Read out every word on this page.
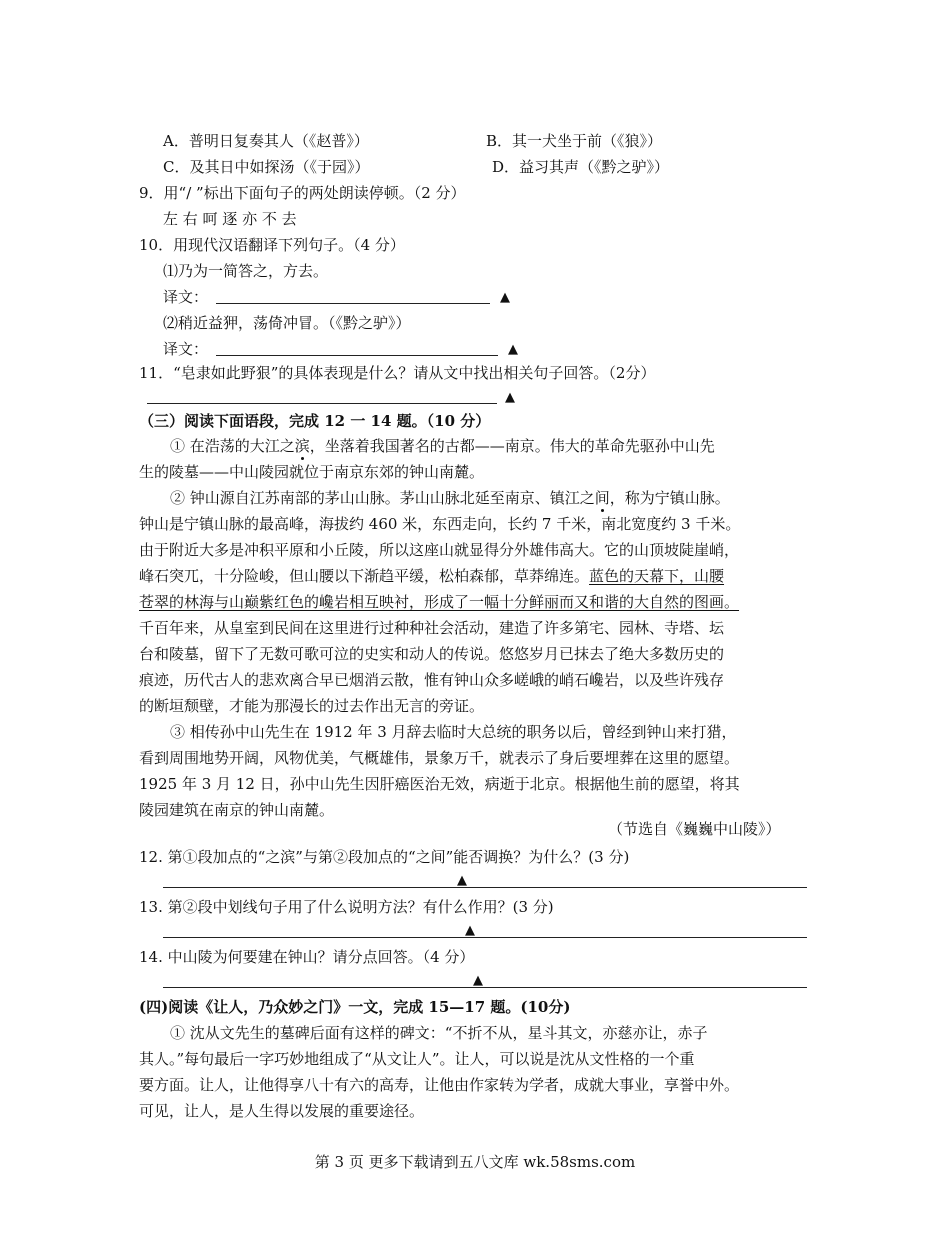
A．普明日复奏其人（《赵普》）	B．其一犬坐于前（《狼》）
C．及其日中如探汤（《于园》）	D．益习其声（《黔之驴》）
9．用“/ ”标出下面句子的两处朗读停顿。（2 分）
左 右 呵 逐 亦 不 去
10．用现代汉语翻译下列句子。（4 分）
⑴乃为一简答之，方去。
译文：	▲
⑵稍近益狎，荡倚冲冒。（《黔之驴》）
译文：	▲
11．“皂隶如此野狠”的具体表现是什么？请从文中找出相关句子回答。（2分）
▲
（三）阅读下面语段，完成 12 一 14 题。（10 分）
① 在浩荡的大江之滨，坐落着我国著名的古都——南京。伟大的革命先驱孙中山先
生的陵墓——中山陵园就位于南京东郊的钟山南麓。
② 钟山源自江苏南部的茅山山脉。茅山山脉北延至南京、镇江之间，称为宁镇山脉。
钟山是宁镇山脉的最高峰，海拔约 460 米，东西走向，长约 7 千米，南北宽度约 3 千米。
由于附近大多是冲积平原和小丘陵，所以这座山就显得分外雄伟高大。它的山顶坡陡崖峭，
峰石突兀，十分险峻，但山腰以下渐趋平缓，松柏森郁，草莽绵连。蓝色的天幕下，山腰
苍翠的林海与山巅紫红色的巉岩相互映衬，形成了一幅十分鲜丽而又和谐的大自然的图画。
千百年来，从皇室到民间在这里进行过种种社会活动，建造了许多第宅、园林、寺塔、坛
台和陵墓，留下了无数可歌可泣的史实和动人的传说。悠悠岁月已抹去了绝大多数历史的
痕迹，历代古人的悲欢离合早已烟消云散，惟有钟山众多嵯峨的峭石巉岩，以及些许残存
的断垣颓壁，才能为那漫长的过去作出无言的旁证。
③ 相传孙中山先生在 1912 年 3 月辞去临时大总统的职务以后，曾经到钟山来打猎，
看到周围地势开阔，风物优美，气概雄伟，景象万千，就表示了身后要埋葬在这里的愿望。
1925 年 3 月 12 日，孙中山先生因肝癌医治无效，病逝于北京。根据他生前的愿望，将其
陵园建筑在南京的钟山南麓。
（节选自《巍巍中山陵》）
12. 第①段加点的“之滨”与第②段加点的“之间”能否调换？为什么？(3 分)
▲
13. 第②段中划线句子用了什么说明方法？有什么作用？(3 分)
▲
14. 中山陵为何要建在钟山？请分点回答。（4 分）
▲
(四)阅读《让人，乃众妙之门》一文，完成 15—17 题。(10分)
① 沈从文先生的墓碑后面有这样的碑文：“不折不从，星斗其文，亦慈亦让，赤子
其人。”每句最后一字巧妙地组成了“从文让人”。让人，可以说是沈从文性格的一个重
要方面。让人，让他得享八十有六的高寿，让他由作家转为学者，成就大事业，享誉中外。
可见，让人，是人生得以发展的重要途径。
第 3 页 更多下载请到五八文库 wk.58sms.com
